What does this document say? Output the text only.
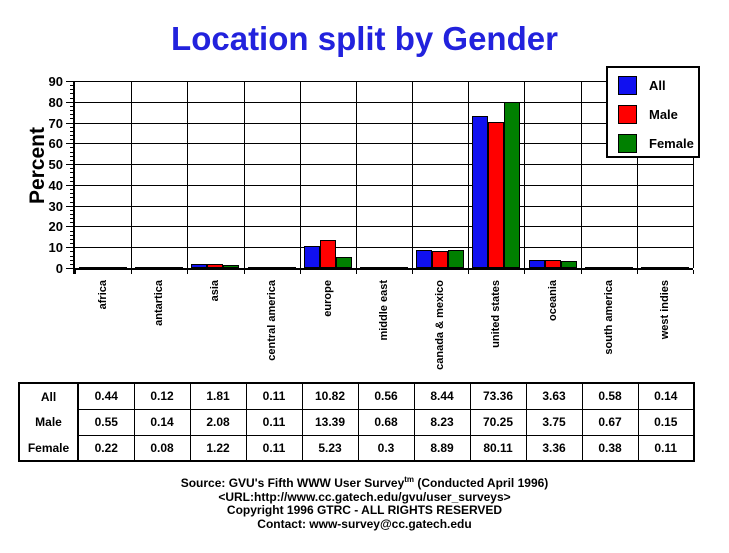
Location split by Gender
Percent
All
Male
Female
All	0.44	0.12	1.81	0.11	10.82	0.56	8.44	73.36	3.63	0.58	0.14
Male	0.55	0.14	2.08	0.11	13.39	0.68	8.23	70.25	3.75	0.67	0.15
Female	0.22	0.08	1.22	0.11	5.23	0.3	8.89	80.11	3.36	0.38	0.11
Source: GVU's Fifth WWW User Survey$^{tm}$ (Conducted April 1996)
<URL:http://www.cc.gatech.edu/gvu/user_surveys>
Copyright 1996 GTRC - ALL RIGHTS RESERVED
Contact: www-survey@cc.gatech.edu
0
10
20
30
40
50
60
70
80
90
africa	antartica	asia	central america	europe	middle east	canada & mexico	united states	oceania	south america	west indies
